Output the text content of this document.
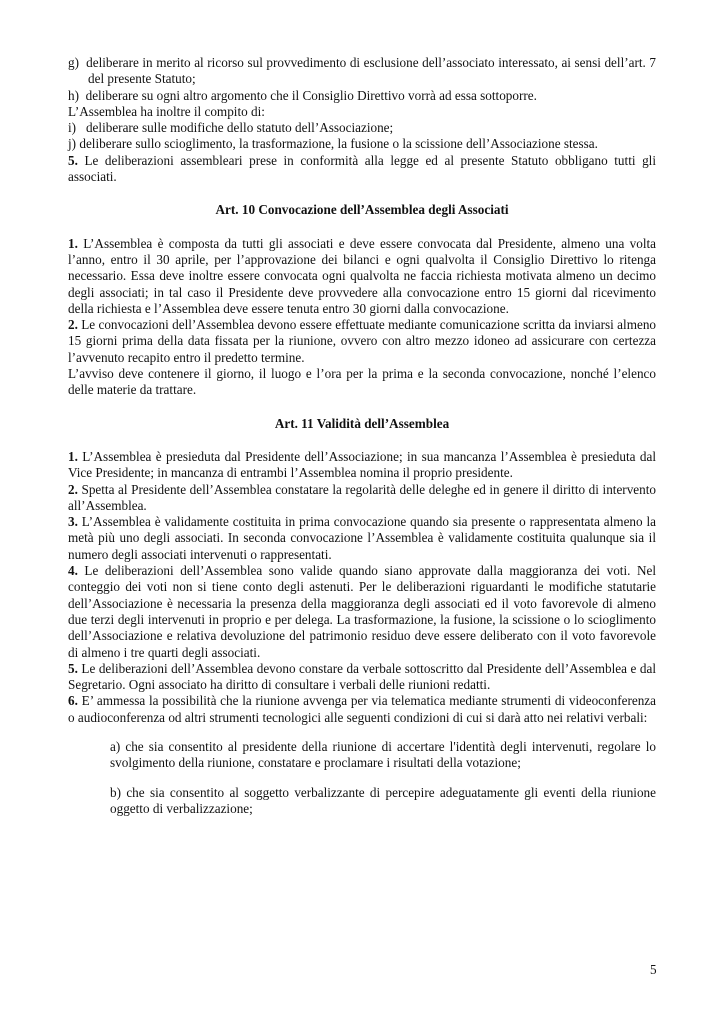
g) deliberare in merito al ricorso sul provvedimento di esclusione dell’associato interessato, ai sensi dell’art. 7 del presente Statuto;

h) deliberare su ogni altro argomento che il Consiglio Direttivo vorrà ad essa sottoporre.

L’Assemblea ha inoltre il compito di:

i) deliberare sulle modifiche dello statuto dell’Associazione;

j) deliberare sullo scioglimento, la trasformazione, la fusione o la scissione dell’Associazione stessa.

5. Le deliberazioni assembleari prese in conformità alla legge ed al presente Statuto obbligano tutti gli associati.

Art. 10 Convocazione dell’Assemblea degli Associati

1. L’Assemblea è composta da tutti gli associati e deve essere convocata dal Presidente, almeno una volta l’anno, entro il 30 aprile, per l’approvazione dei bilanci e ogni qualvolta il Consiglio Direttivo lo ritenga necessario. Essa deve inoltre essere convocata ogni qualvolta ne faccia richiesta motivata almeno un decimo degli associati; in tal caso il Presidente deve provvedere alla convocazione entro 15 giorni dal ricevimento della richiesta e l’Assemblea deve essere tenuta entro 30 giorni dalla convocazione.

2. Le convocazioni dell’Assemblea devono essere effettuate mediante comunicazione scritta da inviarsi almeno 15 giorni prima della data fissata per la riunione, ovvero con altro mezzo idoneo ad assicurare con certezza l’avvenuto recapito entro il predetto termine.

L’avviso deve contenere il giorno, il luogo e l’ora per la prima e la seconda convocazione, nonché l’elenco delle materie da trattare.

Art. 11 Validità dell’Assemblea

1. L’Assemblea è presieduta dal Presidente dell’Associazione; in sua mancanza l’Assemblea è presieduta dal Vice Presidente; in mancanza di entrambi l’Assemblea nomina il proprio presidente.

2. Spetta al Presidente dell’Assemblea constatare la regolarità delle deleghe ed in genere il diritto di intervento all’Assemblea.

3. L’Assemblea è validamente costituita in prima convocazione quando sia presente o rappresentata almeno la metà più uno degli associati. In seconda convocazione l’Assemblea è validamente costituita qualunque sia il numero degli associati intervenuti o rappresentati.

4. Le deliberazioni dell’Assemblea sono valide quando siano approvate dalla maggioranza dei voti. Nel conteggio dei voti non si tiene conto degli astenuti. Per le deliberazioni riguardanti le modifiche statutarie dell’Associazione è necessaria la presenza della maggioranza degli associati ed il voto favorevole di almeno due terzi degli intervenuti in proprio e per delega. La trasformazione, la fusione, la scissione o lo scioglimento dell’Associazione e relativa devoluzione del patrimonio residuo deve essere deliberato con il voto favorevole di almeno i tre quarti degli associati.

5. Le deliberazioni dell’Assemblea devono constare da verbale sottoscritto dal Presidente dell’Assemblea e dal Segretario. Ogni associato ha diritto di consultare i verbali delle riunioni redatti.

6. E’ ammessa la possibilità che la riunione avvenga per via telematica mediante strumenti di videoconferenza o audioconferenza od altri strumenti tecnologici alle seguenti condizioni di cui si darà atto nei relativi verbali:

a) che sia consentito al presidente della riunione di accertare l'identità degli intervenuti, regolare lo svolgimento della riunione, constatare e proclamare i risultati della votazione;

b) che sia consentito al soggetto verbalizzante di percepire adeguatamente gli eventi della riunione oggetto di verbalizzazione;

5
